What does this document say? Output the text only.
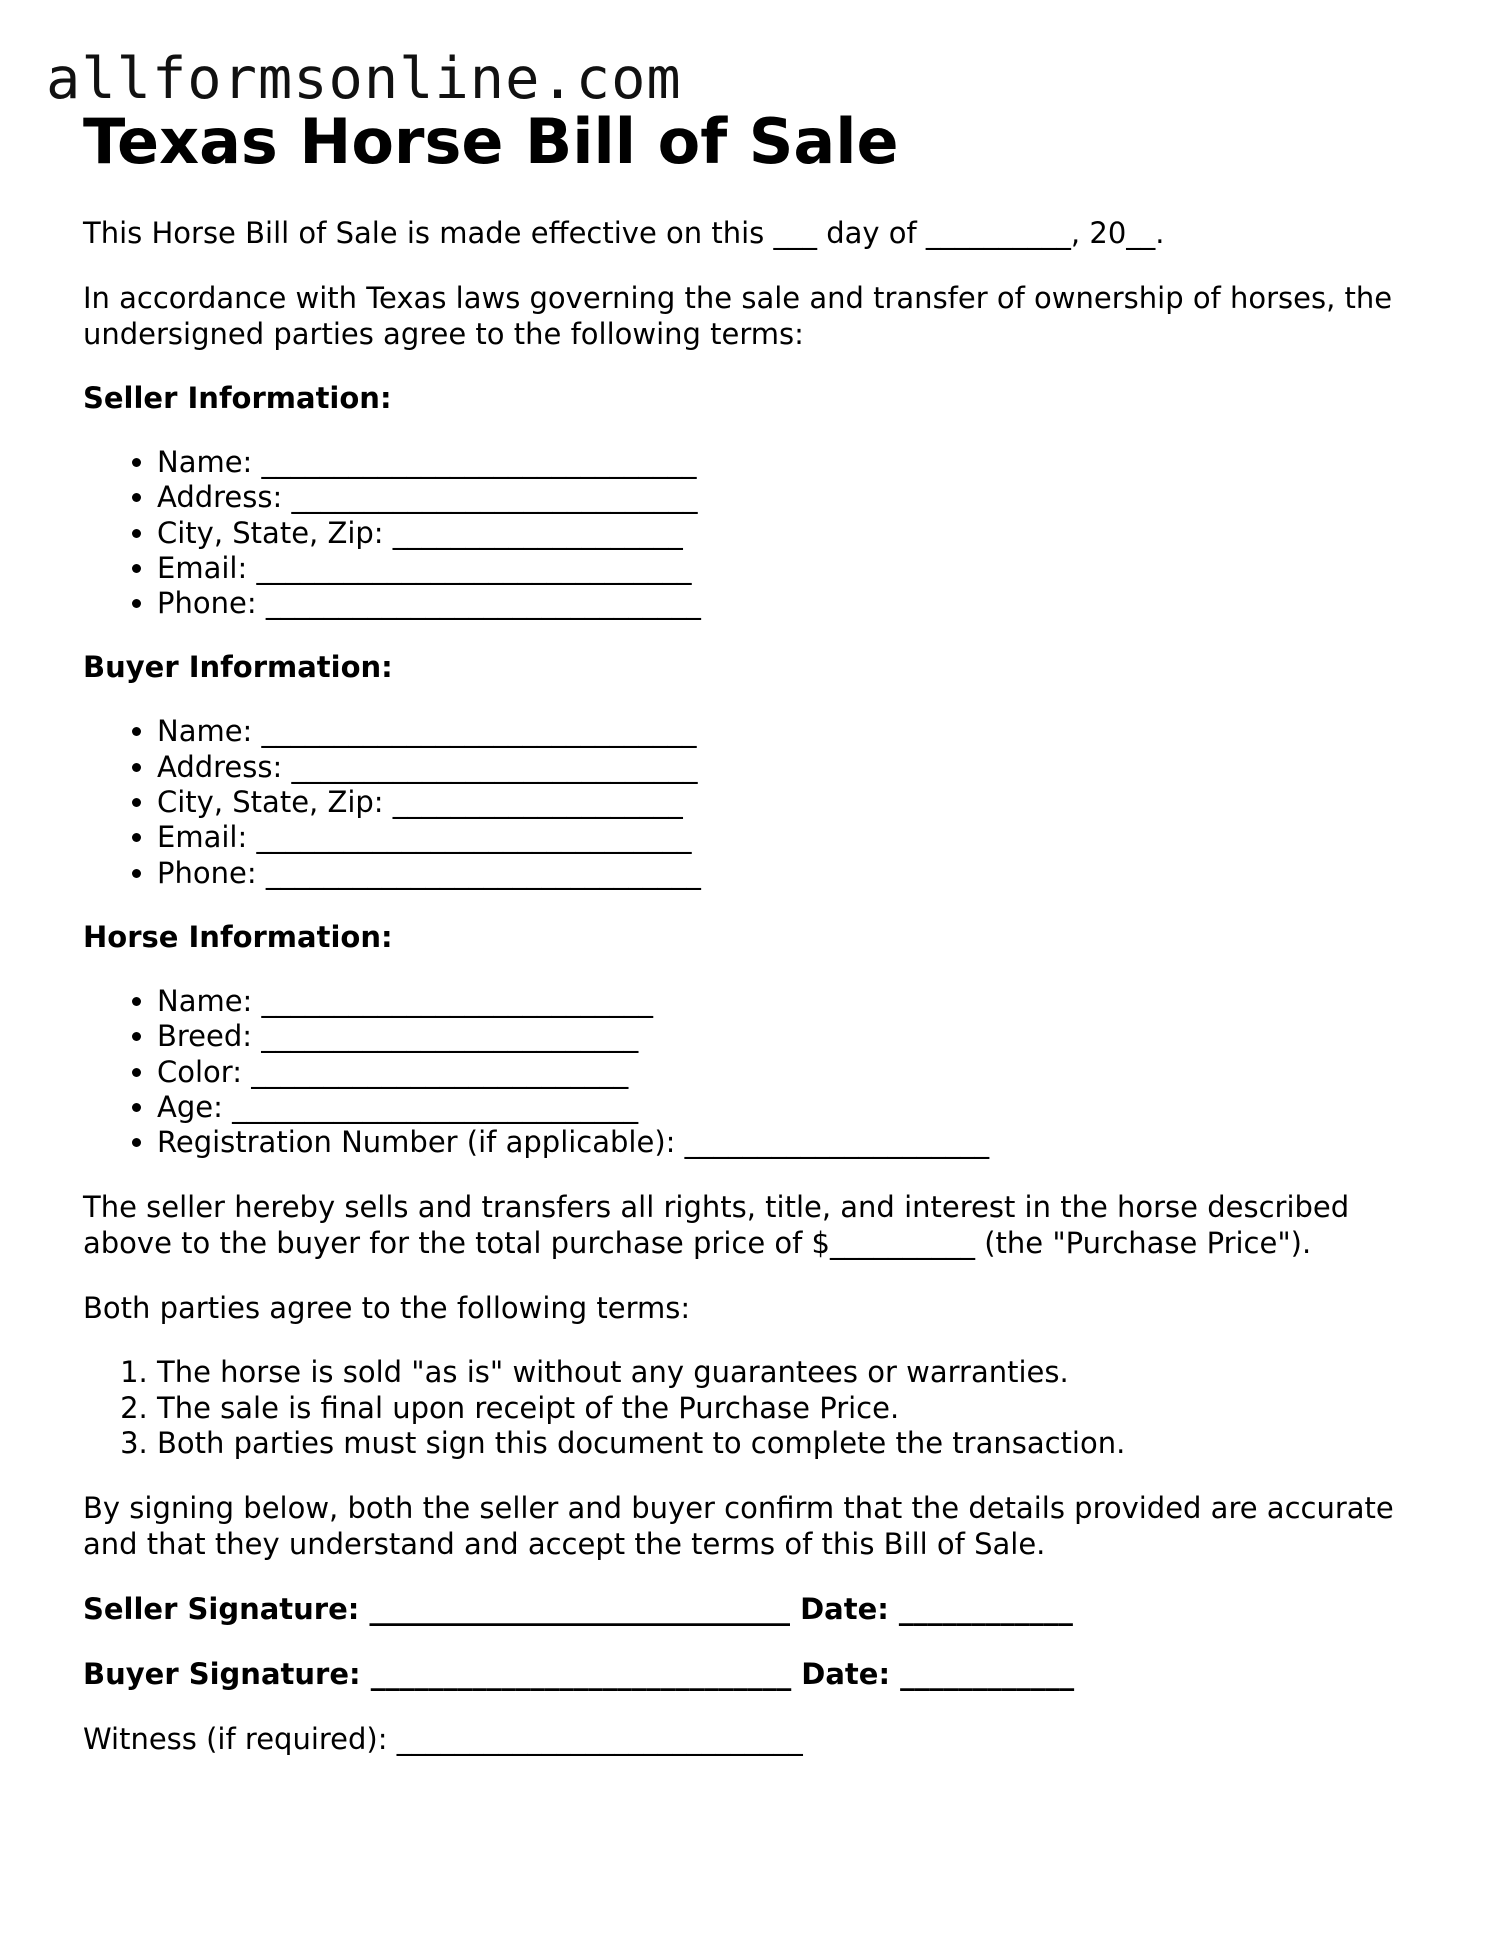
allformsonline.com
Texas Horse Bill of Sale

This Horse Bill of Sale is made effective on this ___ day of __________, 20__.

In accordance with Texas laws governing the sale and transfer of ownership of horses, the undersigned parties agree to the following terms:

Seller Information:
• Name: ______________________________
• Address: ____________________________
• City, State, Zip: ____________________
• Email: ______________________________
• Phone: ______________________________
Buyer Information:
• Name: ______________________________
• Address: ____________________________
• City, State, Zip: ____________________
• Email: ______________________________
• Phone: ______________________________
Horse Information:
• Name: ___________________________
• Breed: __________________________
• Color: __________________________
• Age: ____________________________
• Registration Number (if applicable): _____________________

The seller hereby sells and transfers all rights, title, and interest in the horse described above to the buyer for the total purchase price of $__________ (the "Purchase Price").

Both parties agree to the following terms:

1. The horse is sold "as is" without any guarantees or warranties.
2. The sale is final upon receipt of the Purchase Price.
3. Both parties must sign this document to complete the transaction.

By signing below, both the seller and buyer confirm that the details provided are accurate and that they understand and accept the terms of this Bill of Sale.

Seller Signature: _____________________________ Date: ____________
Buyer Signature: _____________________________ Date: ____________
Witness (if required): ____________________________
